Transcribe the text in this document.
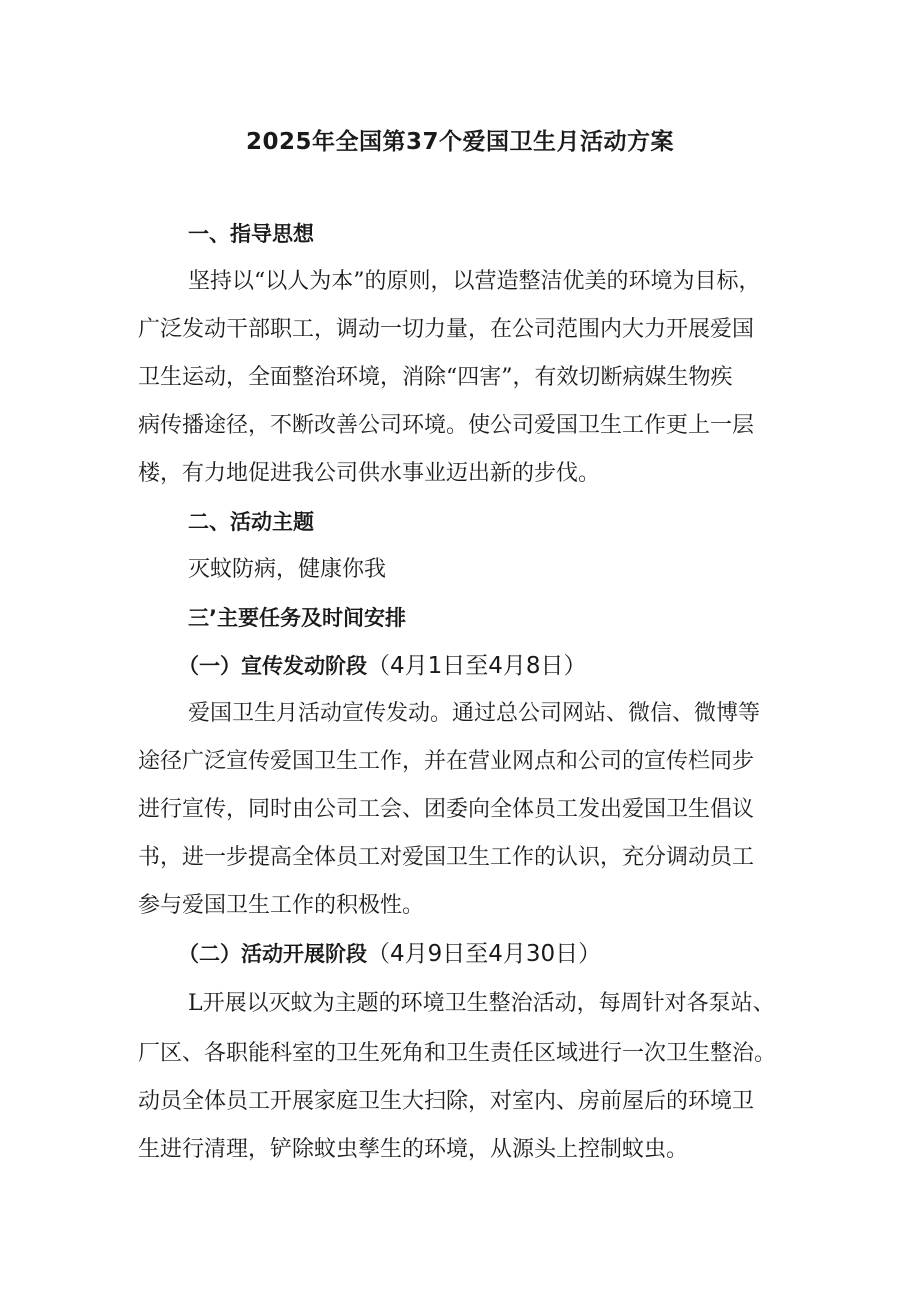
2025年全国第37个爱国卫生月活动方案
一、指导思想
坚持以“以人为本”的原则，以营造整洁优美的环境为目标，
广泛发动干部职工，调动一切力量，在公司范围内大力开展爱国
卫生运动，全面整治环境，消除“四害”，有效切断病媒生物疾
病传播途径，不断改善公司环境。使公司爱国卫生工作更上一层
楼，有力地促进我公司供水事业迈出新的步伐。
二、活动主题
灭蚊防病，健康你我
三’主要任务及时间安排
（一）宣传发动阶段（4月1日至4月8日）
爱国卫生月活动宣传发动。通过总公司网站、微信、微博等
途径广泛宣传爱国卫生工作，并在营业网点和公司的宣传栏同步
进行宣传，同时由公司工会、团委向全体员工发出爱国卫生倡议
书，进一步提高全体员工对爱国卫生工作的认识，充分调动员工
参与爱国卫生工作的积极性。
（二）活动开展阶段（4月9日至4月30日）
L开展以灭蚊为主题的环境卫生整治活动，每周针对各泵站、
厂区、各职能科室的卫生死角和卫生责任区域进行一次卫生整治。
动员全体员工开展家庭卫生大扫除，对室内、房前屋后的环境卫
生进行清理，铲除蚊虫孳生的环境，从源头上控制蚊虫。
